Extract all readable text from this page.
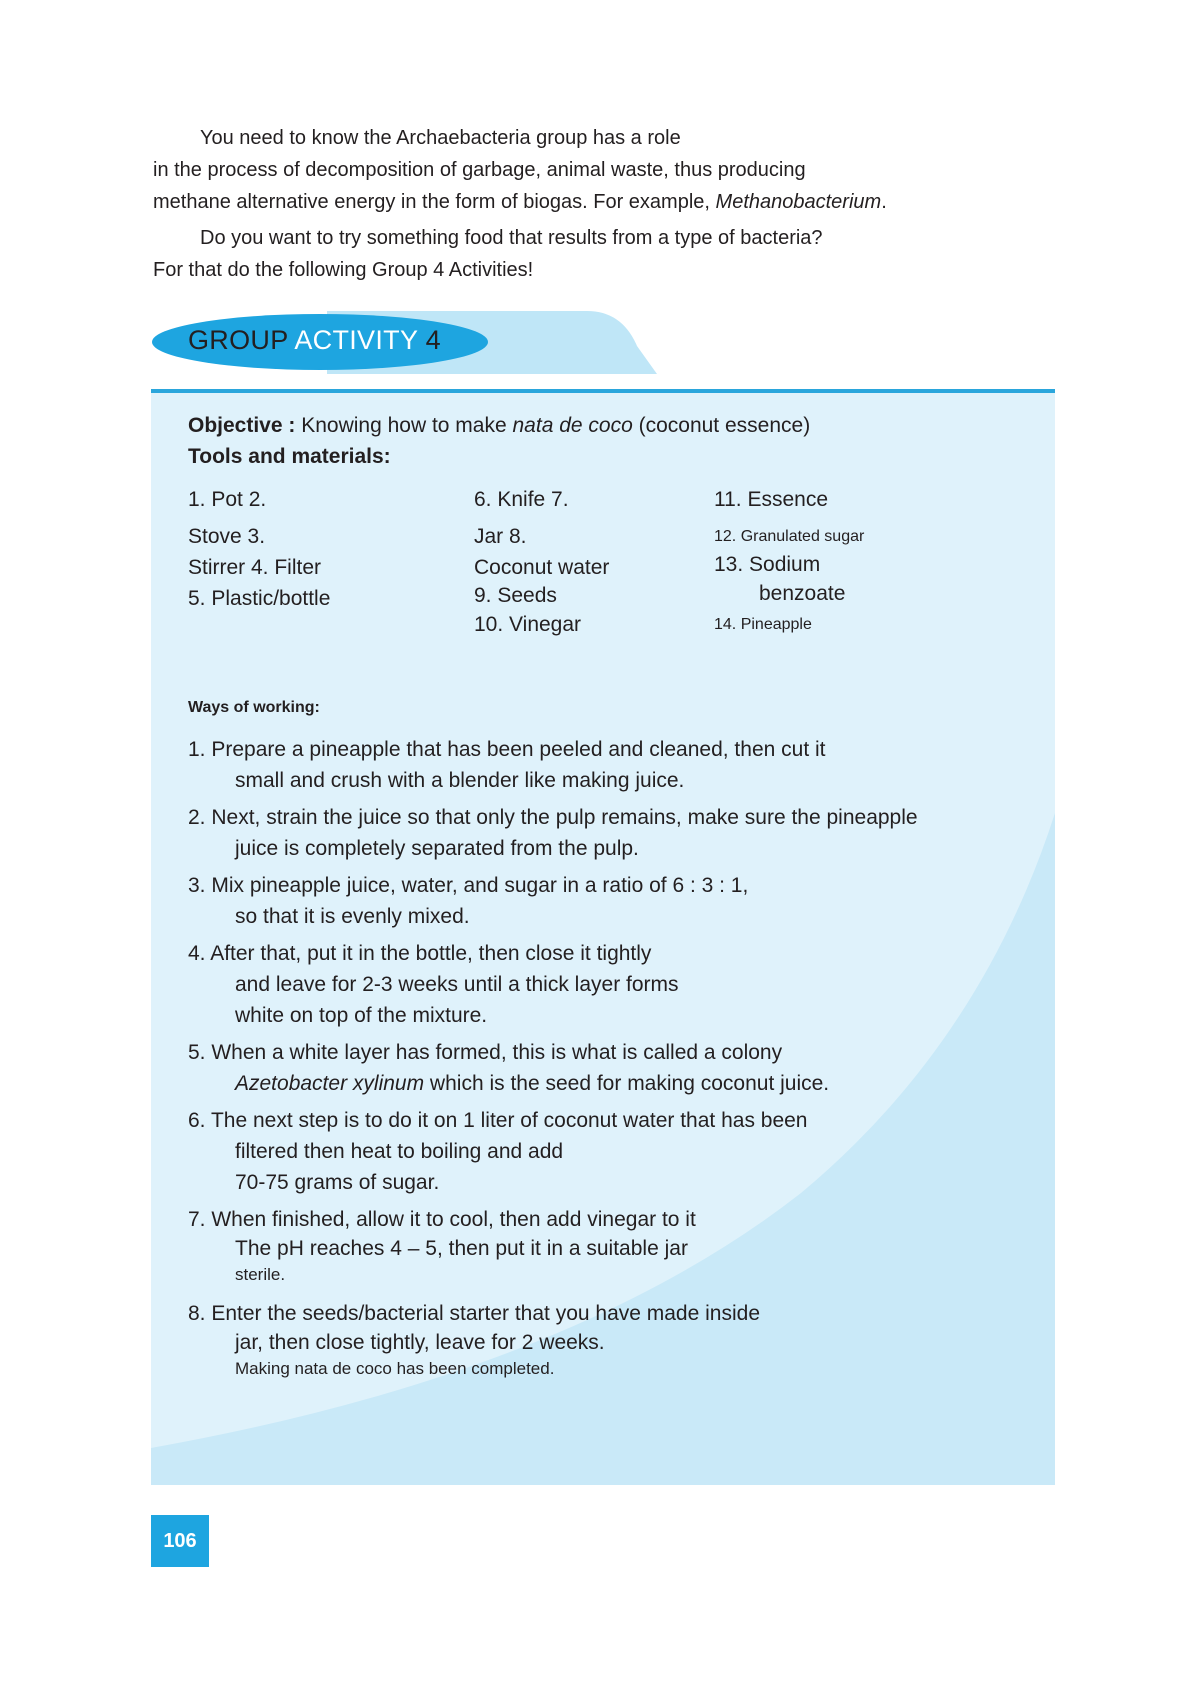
You need to know the Archaebacteria group has a role
in the process of decomposition of garbage, animal waste, thus producing
methane alternative energy in the form of biogas. For example, Methanobacterium.
Do you want to try something food that results from a type of bacteria?
For that do the following Group 4 Activities!
GROUP ACTIVITY 4
Objective : Knowing how to make nata de coco (coconut essence)
Tools and materials:
1. Pot 2.
Stove 3.
Stirrer 4. Filter
5. Plastic/bottle
6. Knife 7.
Jar 8.
Coconut water
9. Seeds
10. Vinegar
11. Essence
12. Granulated sugar
13. Sodium
benzoate
14. Pineapple
Ways of working:
1. Prepare a pineapple that has been peeled and cleaned, then cut it
small and crush with a blender like making juice.
2. Next, strain the juice so that only the pulp remains, make sure the pineapple
juice is completely separated from the pulp.
3. Mix pineapple juice, water, and sugar in a ratio of 6 : 3 : 1,
so that it is evenly mixed.
4. After that, put it in the bottle, then close it tightly
and leave for 2-3 weeks until a thick layer forms
white on top of the mixture.
5. When a white layer has formed, this is what is called a colony
Azetobacter xylinum which is the seed for making coconut juice.
6. The next step is to do it on 1 liter of coconut water that has been
filtered then heat to boiling and add
70-75 grams of sugar.
7. When finished, allow it to cool, then add vinegar to it
The pH reaches 4 – 5, then put it in a suitable jar
sterile.
8. Enter the seeds/bacterial starter that you have made inside
jar, then close tightly, leave for 2 weeks.
Making nata de coco has been completed.
106
